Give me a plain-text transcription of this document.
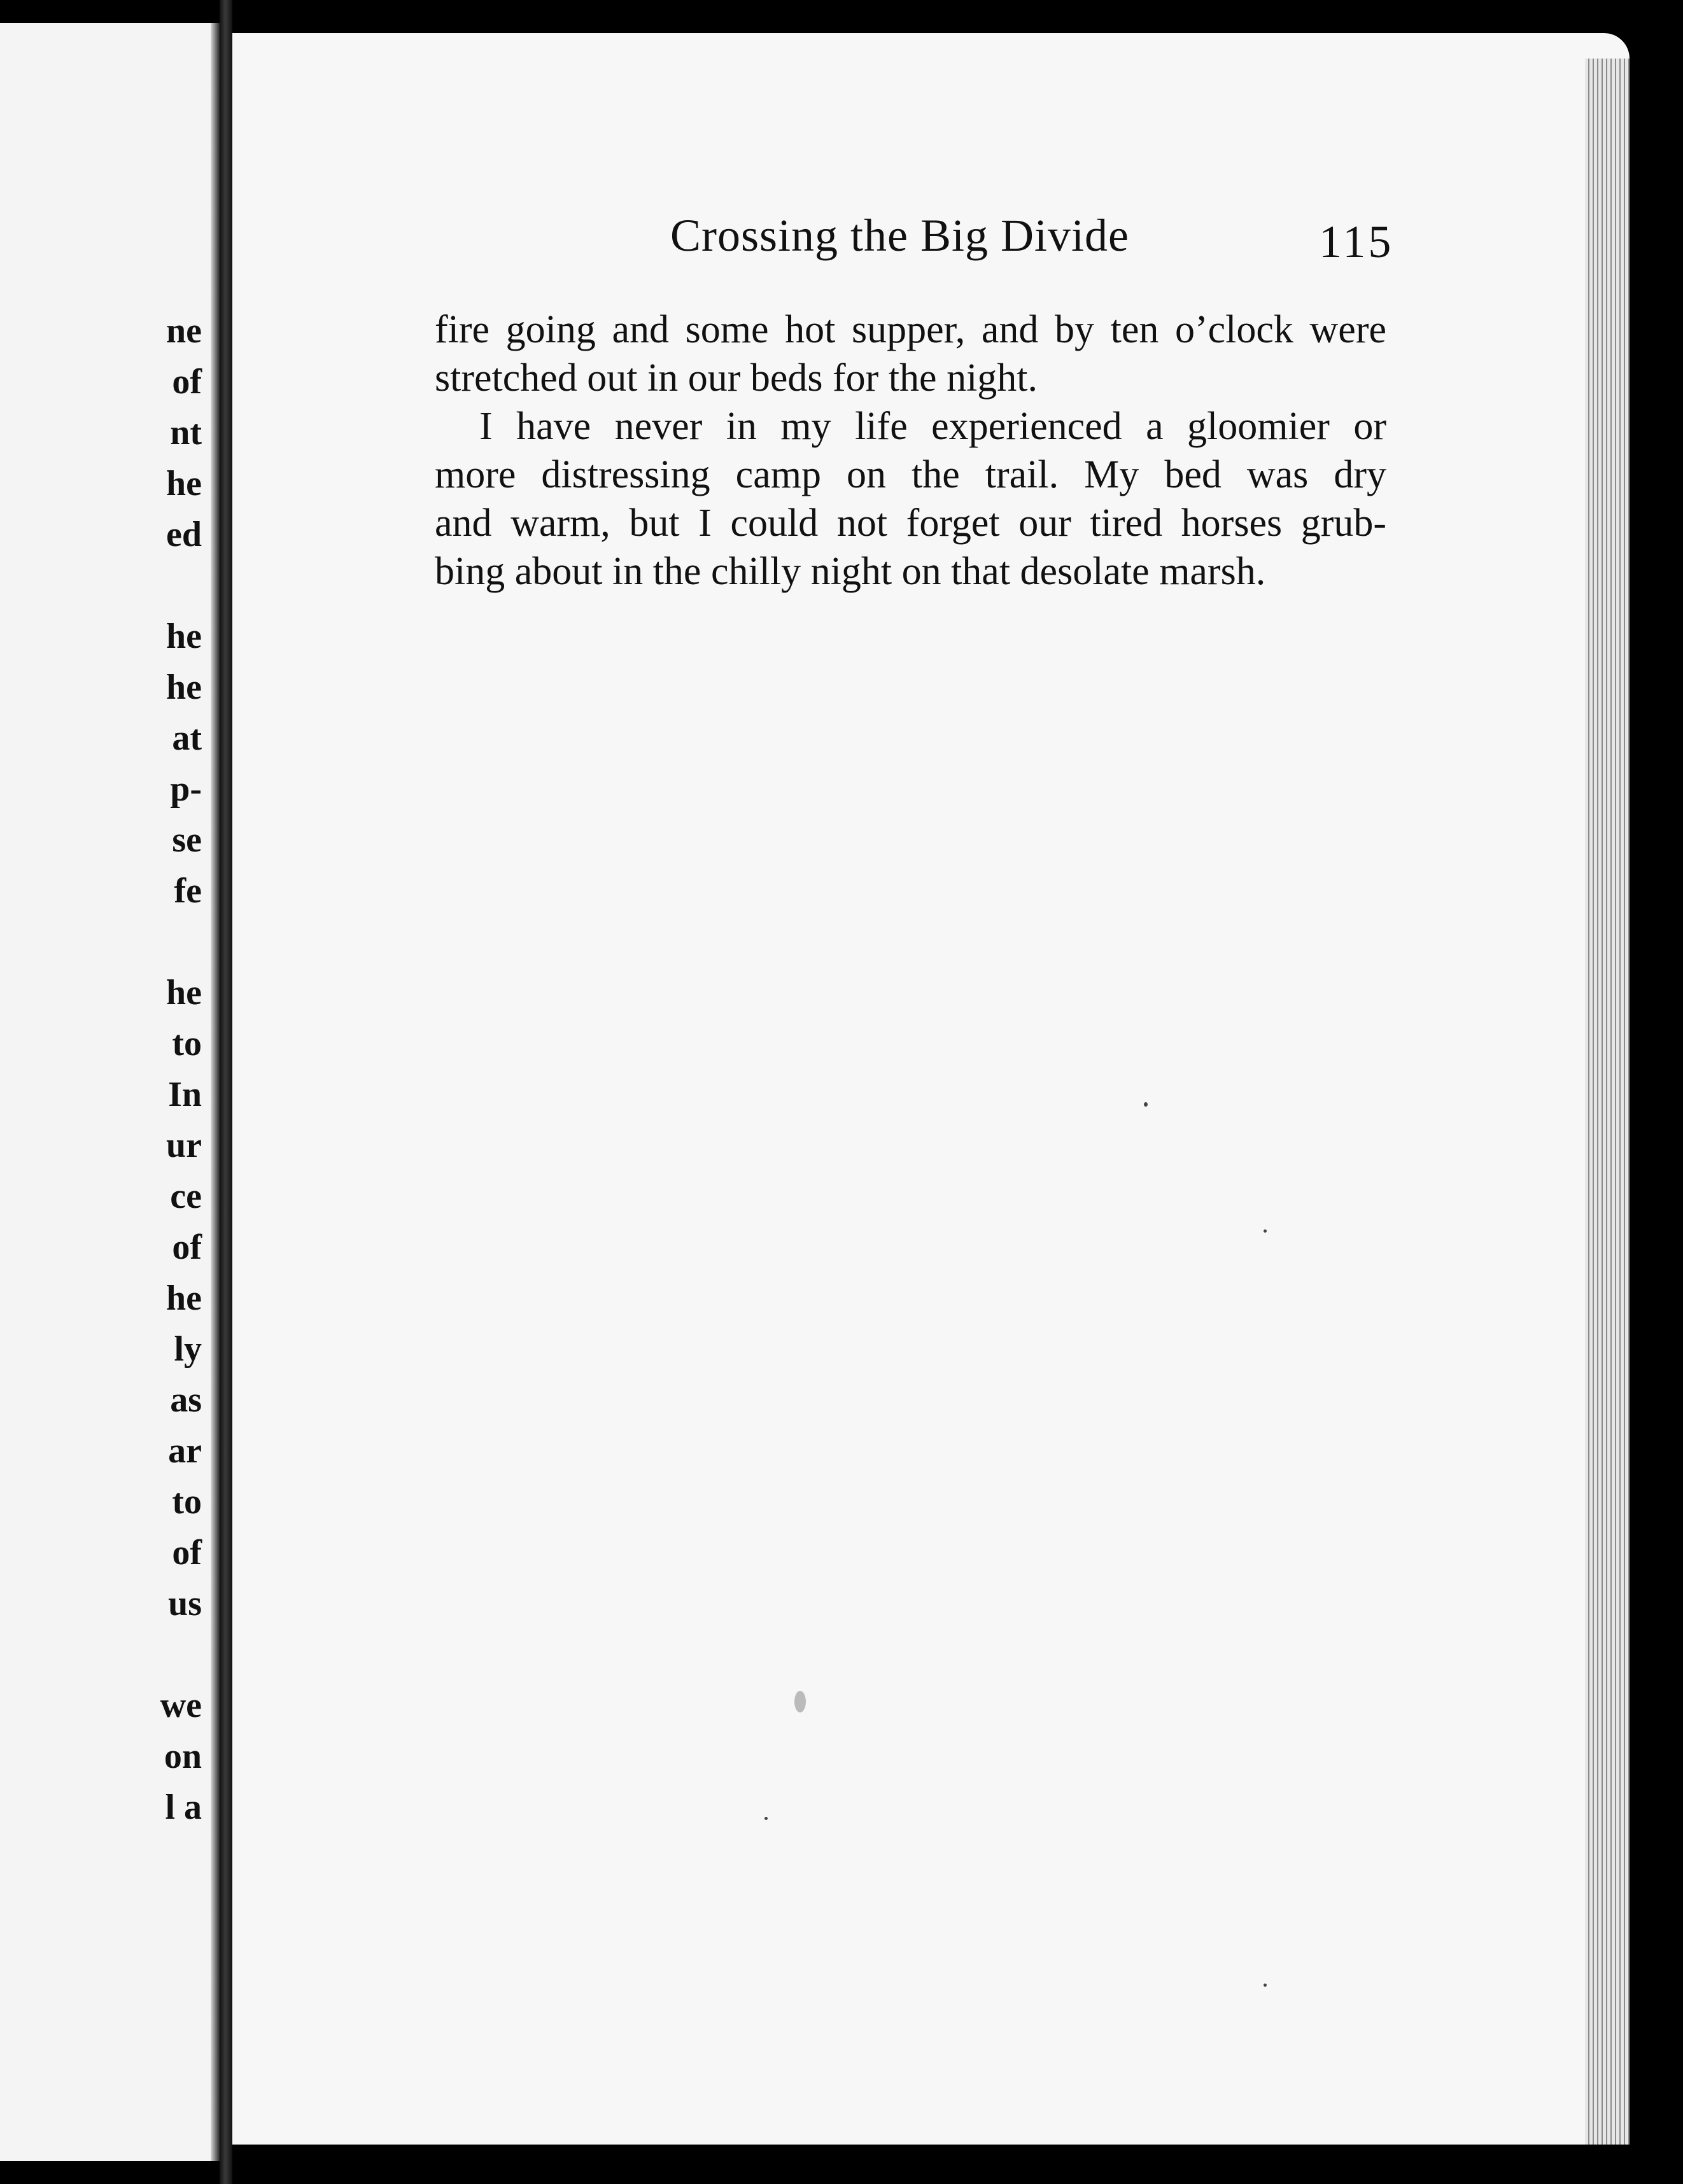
ne
of
nt
he
ed
he
he
at
p-
se
fe
he
to
In
ur
ce
of
he
ly
as
ar
to
of
us
we
on
l a
Crossing the Big Divide	115
fire going and some hot supper, and by ten o’clock were
stretched out in our beds for the night.
I have never in my life experienced a gloomier or
more distressing camp on the trail. My bed was dry
and warm, but I could not forget our tired horses grub-
bing about in the chilly night on that desolate marsh.
